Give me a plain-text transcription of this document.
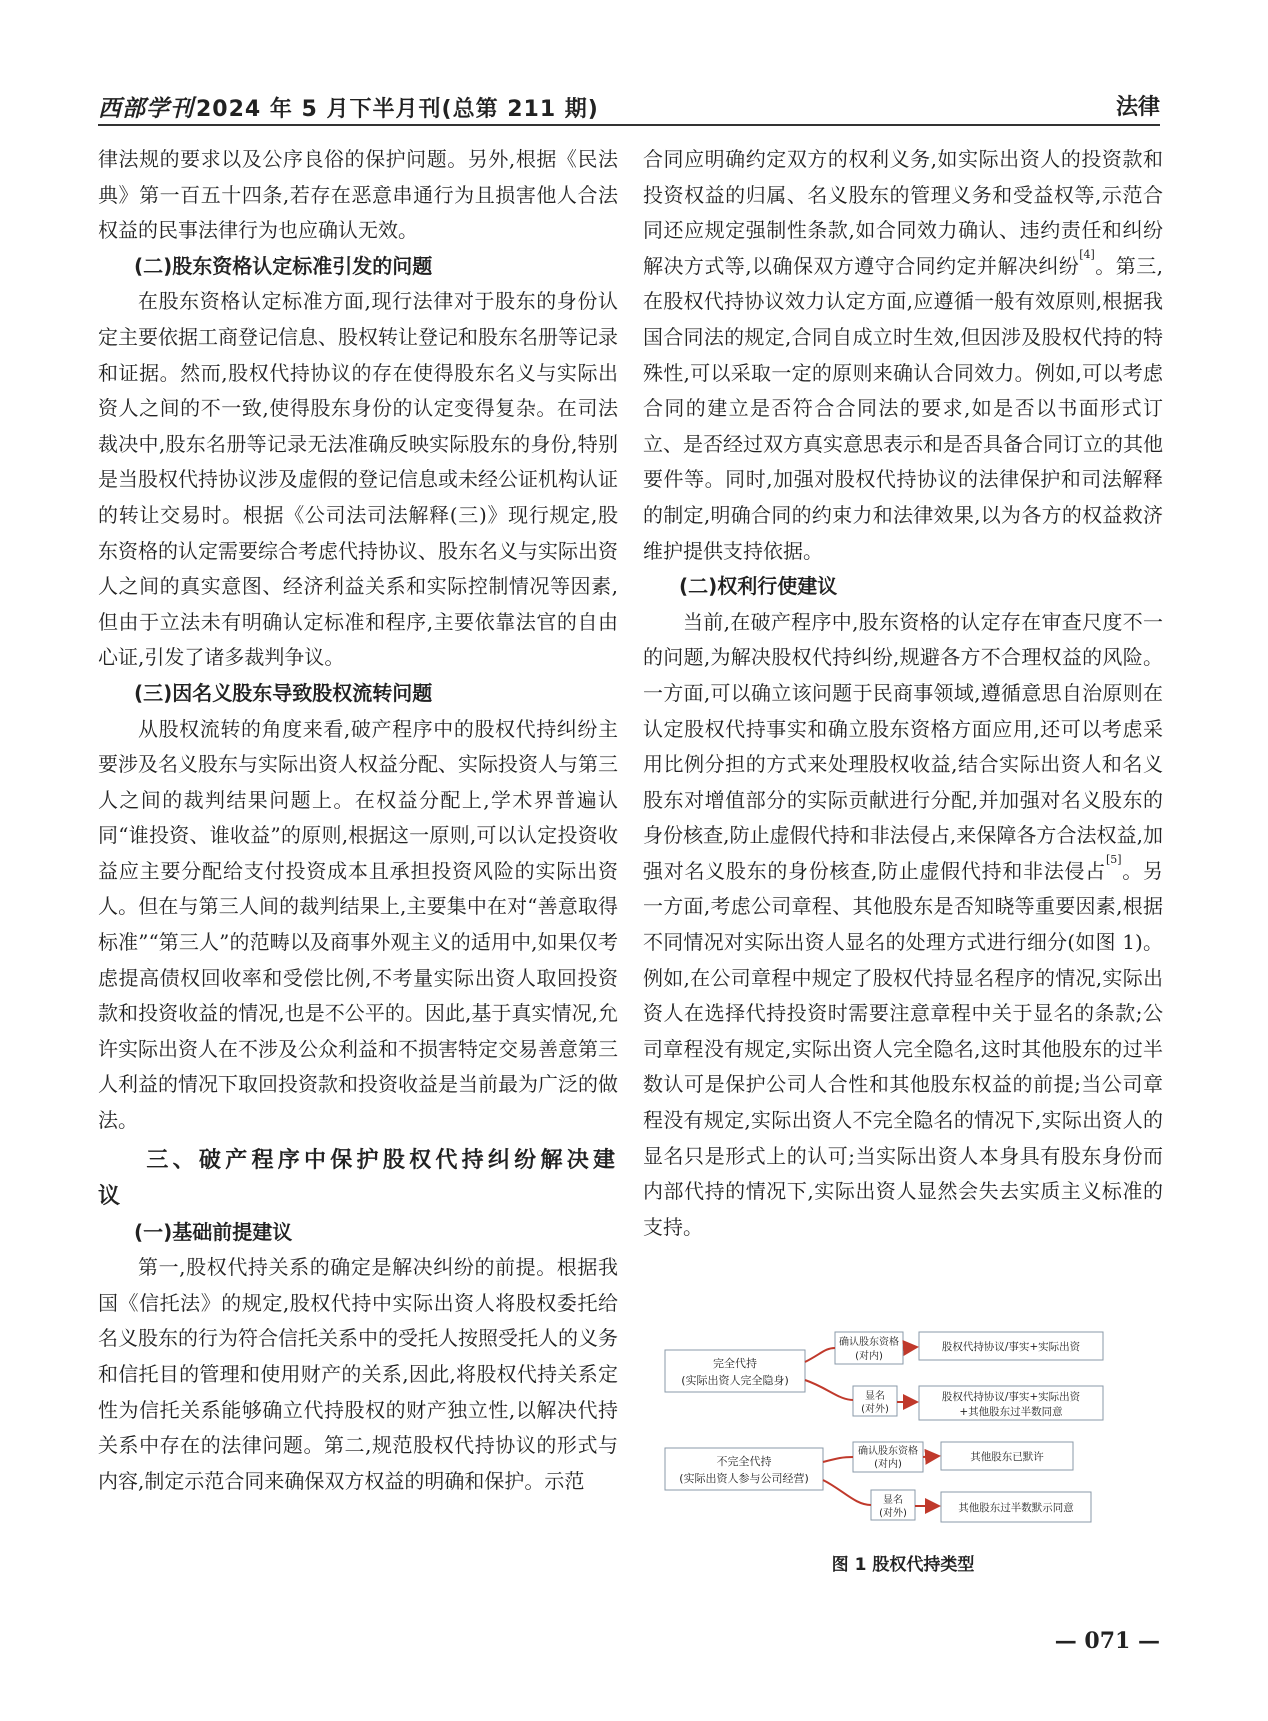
西部学刊2024 年 5 月下半月刊(总第 211 期)	法律

律法规的要求以及公序良俗的保护问题。另外,根据《民法典》第一百五十四条,若存在恶意串通行为且损害他人合法权益的民事法律行为也应确认无效。

(二)股东资格认定标准引发的问题

在股东资格认定标准方面,现行法律对于股东的身份认定主要依据工商登记信息、股权转让登记和股东名册等记录和证据。然而,股权代持协议的存在使得股东名义与实际出资人之间的不一致,使得股东身份的认定变得复杂。在司法裁决中,股东名册等记录无法准确反映实际股东的身份,特别是当股权代持协议涉及虚假的登记信息或未经公证机构认证的转让交易时。根据《公司法司法解释(三)》现行规定,股东资格的认定需要综合考虑代持协议、股东名义与实际出资人之间的真实意图、经济利益关系和实际控制情况等因素,但由于立法未有明确认定标准和程序,主要依靠法官的自由心证,引发了诸多裁判争议。

(三)因名义股东导致股权流转问题

从股权流转的角度来看,破产程序中的股权代持纠纷主要涉及名义股东与实际出资人权益分配、实际投资人与第三人之间的裁判结果问题上。在权益分配上,学术界普遍认同“谁投资、谁收益”的原则,根据这一原则,可以认定投资收益应主要分配给支付投资成本且承担投资风险的实际出资人。但在与第三人间的裁判结果上,主要集中在对“善意取得标准”“第三人”的范畴以及商事外观主义的适用中,如果仅考虑提高债权回收率和受偿比例,不考量实际出资人取回投资款和投资收益的情况,也是不公平的。因此,基于真实情况,允许实际出资人在不涉及公众利益和不损害特定交易善意第三人利益的情况下取回投资款和投资收益是当前最为广泛的做法。

三、破产程序中保护股权代持纠纷解决建议
(一)基础前提建议

第一,股权代持关系的确定是解决纠纷的前提。根据我国《信托法》的规定,股权代持中实际出资人将股权委托给名义股东的行为符合信托关系中的受托人按照受托人的义务和信托目的管理和使用财产的关系,因此,将股权代持关系定性为信托关系能够确立代持股权的财产独立性,以解决代持关系中存在的法律问题。第二,规范股权代持协议的形式与内容,制定示范合同来确保双方权益的明确和保护。示范

合同应明确约定双方的权利义务,如实际出资人的投资款和投资权益的归属、名义股东的管理义务和受益权等,示范合同还应规定强制性条款,如合同效力确认、违约责任和纠纷解决方式等,以确保双方遵守合同约定并解决纠纷[4]。第三,在股权代持协议效力认定方面,应遵循一般有效原则,根据我国合同法的规定,合同自成立时生效,但因涉及股权代持的特殊性,可以采取一定的原则来确认合同效力。例如,可以考虑合同的建立是否符合合同法的要求,如是否以书面形式订立、是否经过双方真实意思表示和是否具备合同订立的其他要件等。同时,加强对股权代持协议的法律保护和司法解释的制定,明确合同的约束力和法律效果,以为各方的权益救济维护提供支持依据。

(二)权利行使建议

当前,在破产程序中,股东资格的认定存在审查尺度不一的问题,为解决股权代持纠纷,规避各方不合理权益的风险。一方面,可以确立该问题于民商事领域,遵循意思自治原则在认定股权代持事实和确立股东资格方面应用,还可以考虑采用比例分担的方式来处理股权收益,结合实际出资人和名义股东对增值部分的实际贡献进行分配,并加强对名义股东的身份核查,防止虚假代持和非法侵占,来保障各方合法权益,加强对名义股东的身份核查,防止虚假代持和非法侵占[5]。另一方面,考虑公司章程、其他股东是否知晓等重要因素,根据不同情况对实际出资人显名的处理方式进行细分(如图 1)。例如,在公司章程中规定了股权代持显名程序的情况,实际出资人在选择代持投资时需要注意章程中关于显名的条款;公司章程没有规定,实际出资人完全隐名,这时其他股东的过半数认可是保护公司人合性和其他股东权益的前提;当公司章程没有规定,实际出资人不完全隐名的情况下,实际出资人的显名只是形式上的认可;当实际出资人本身具有股东身份而内部代持的情况下,实际出资人显然会失去实质主义标准的支持。

完全代持
(实际出资人完全隐身)
确认股东资格
(对内)
股权代持协议/事实+实际出资
显名
(对外)
股权代持协议/事实+实际出资
+其他股东过半数同意
不完全代持
(实际出资人参与公司经营)
确认股东资格
(对内)
其他股东已默许
显名
(对外)	其他股东过半数默示同意
图 1 股权代持类型
— 071 —
